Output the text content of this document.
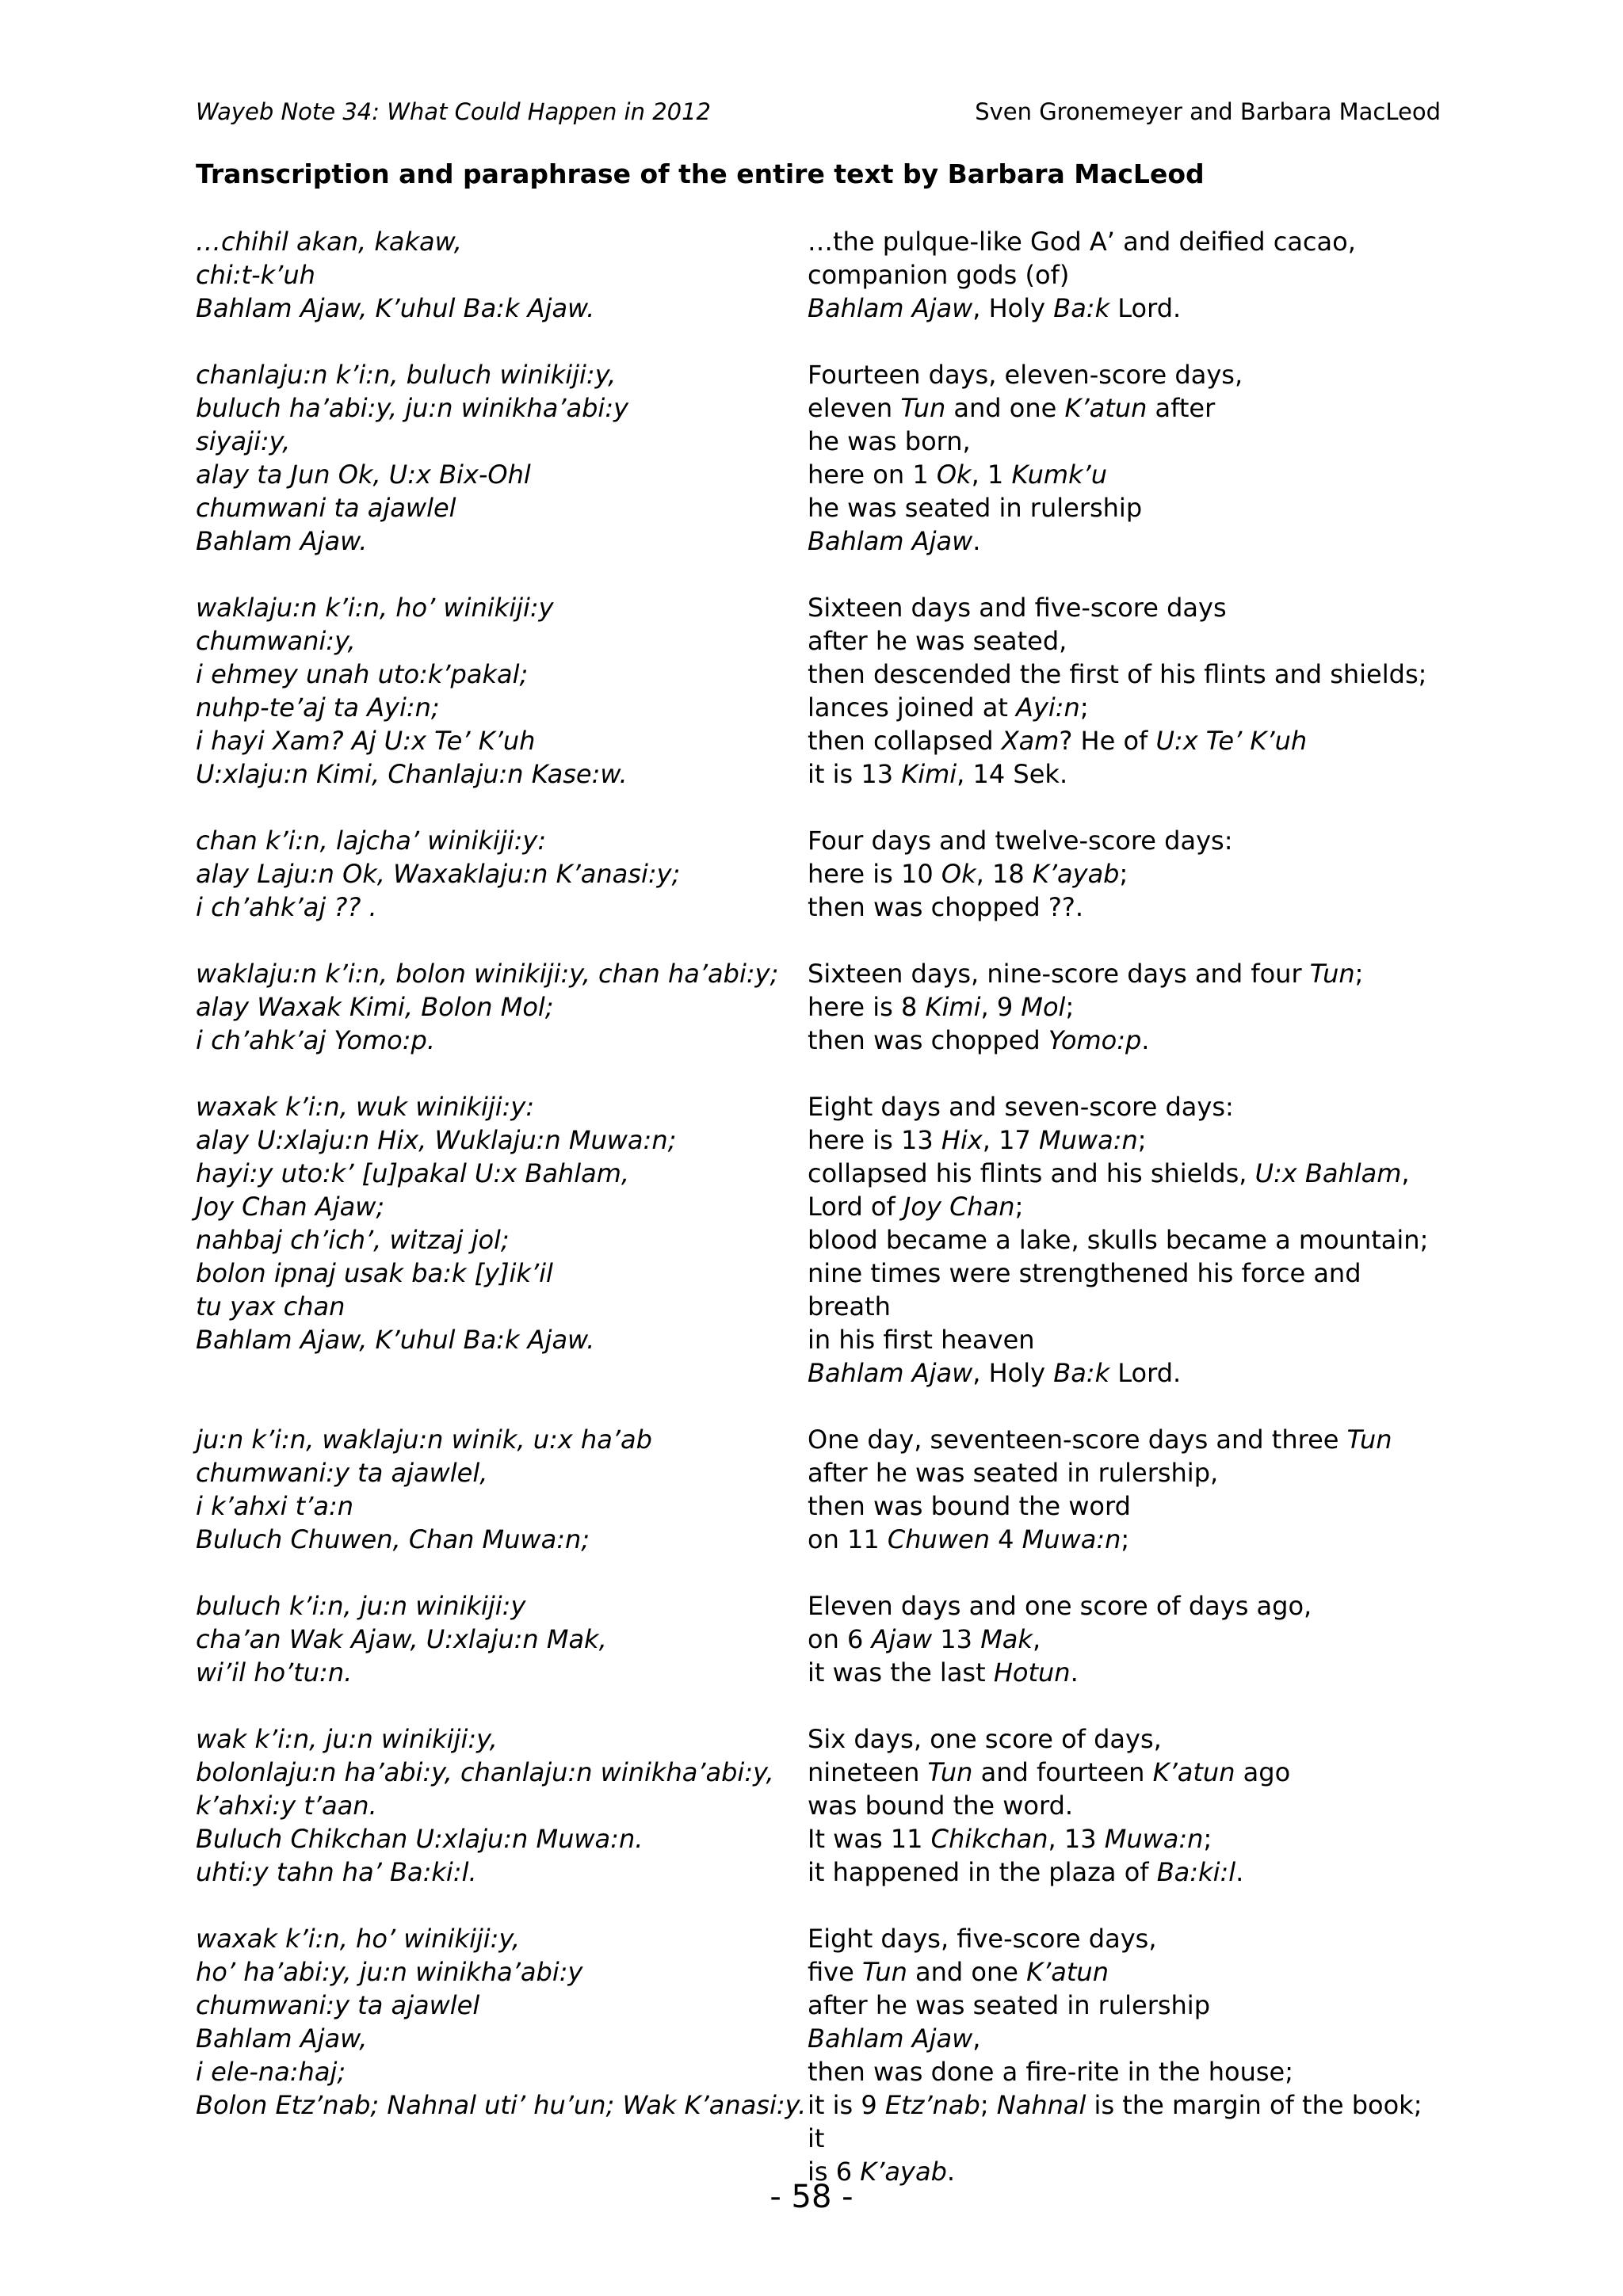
Wayeb Note 34: What Could Happen in 2012	Sven Gronemeyer and Barbara MacLeod
Transcription and paraphrase of the entire text by Barbara MacLeod
…chihil akan, kakaw,
chi:t-k’uh
Bahlam Ajaw, K’uhul Ba:k Ajaw.
…the pulque-like God A’ and deified cacao,
companion gods (of)
Bahlam Ajaw, Holy Ba:k Lord.
chanlaju:n k’i:n, buluch winikiji:y,
buluch ha’abi:y, ju:n winikha’abi:y
siyaji:y,
alay ta Jun Ok, U:x Bix-Ohl
chumwani ta ajawlel
Bahlam Ajaw.
Fourteen days, eleven-score days,
eleven Tun and one K’atun after
he was born,
here on 1 Ok, 1 Kumk’u
he was seated in rulership
Bahlam Ajaw.
waklaju:n k’i:n, ho’ winikiji:y
chumwani:y,
i ehmey unah uto:k’pakal;
nuhp-te’aj ta Ayi:n;
i hayi Xam? Aj U:x Te’ K’uh
U:xlaju:n Kimi, Chanlaju:n Kase:w.
Sixteen days and five-score days
after he was seated,
then descended the first of his flints and shields;
lances joined at Ayi:n;
then collapsed Xam? He of U:x Te’ K’uh
it is 13 Kimi, 14 Sek.
chan k’i:n, lajcha’ winikiji:y:
alay Laju:n Ok, Waxaklaju:n K’anasi:y;
i ch’ahk’aj ?? .
Four days and twelve-score days:
here is 10 Ok, 18 K’ayab;
then was chopped ??.
waklaju:n k’i:n, bolon winikiji:y, chan ha’abi:y;
alay Waxak Kimi, Bolon Mol;
i ch’ahk’aj Yomo:p.
Sixteen days, nine-score days and four Tun;
here is 8 Kimi, 9 Mol;
then was chopped Yomo:p.
waxak k’i:n, wuk winikiji:y:
alay U:xlaju:n Hix, Wuklaju:n Muwa:n;
hayi:y uto:k’ [u]pakal U:x Bahlam,
Joy Chan Ajaw;
nahbaj ch’ich’, witzaj jol;
bolon ipnaj usak ba:k [y]ik’il
tu yax chan
Bahlam Ajaw, K’uhul Ba:k Ajaw.
Eight days and seven-score days:
here is 13 Hix, 17 Muwa:n;
collapsed his flints and his shields, U:x Bahlam,
Lord of Joy Chan;
blood became a lake, skulls became a mountain;
nine times were strengthened his force and breath
in his first heaven
Bahlam Ajaw, Holy Ba:k Lord.
ju:n k’i:n, waklaju:n winik, u:x ha’ab
chumwani:y ta ajawlel,
i k’ahxi t’a:n
Buluch Chuwen, Chan Muwa:n;
One day, seventeen-score days and three Tun
after he was seated in rulership,
then was bound the word
on 11 Chuwen 4 Muwa:n;
buluch k’i:n, ju:n winikiji:y
cha’an Wak Ajaw, U:xlaju:n Mak,
wi’il ho’tu:n.
Eleven days and one score of days ago,
on 6 Ajaw 13 Mak,
it was the last Hotun.
wak k’i:n, ju:n winikiji:y,
bolonlaju:n ha’abi:y, chanlaju:n winikha’abi:y,
k’ahxi:y t’aan.
Buluch Chikchan U:xlaju:n Muwa:n.
uhti:y tahn ha’ Ba:ki:l.
Six days, one score of days,
nineteen Tun and fourteen K’atun ago
was bound the word.
It was 11 Chikchan, 13 Muwa:n;
it happened in the plaza of Ba:ki:l.
waxak k’i:n, ho’ winikiji:y,
ho’ ha’abi:y, ju:n winikha’abi:y
chumwani:y ta ajawlel
Bahlam Ajaw,
i ele-na:haj;
Bolon Etz’nab; Nahnal uti’ hu’un; Wak K’anasi:y.
Eight days, five-score days,
five Tun and one K’atun
after he was seated in rulership
Bahlam Ajaw,
then was done a fire-rite in the house;
it is 9 Etz’nab; Nahnal is the margin of the book; it
is 6 K’ayab.
- 58 -
